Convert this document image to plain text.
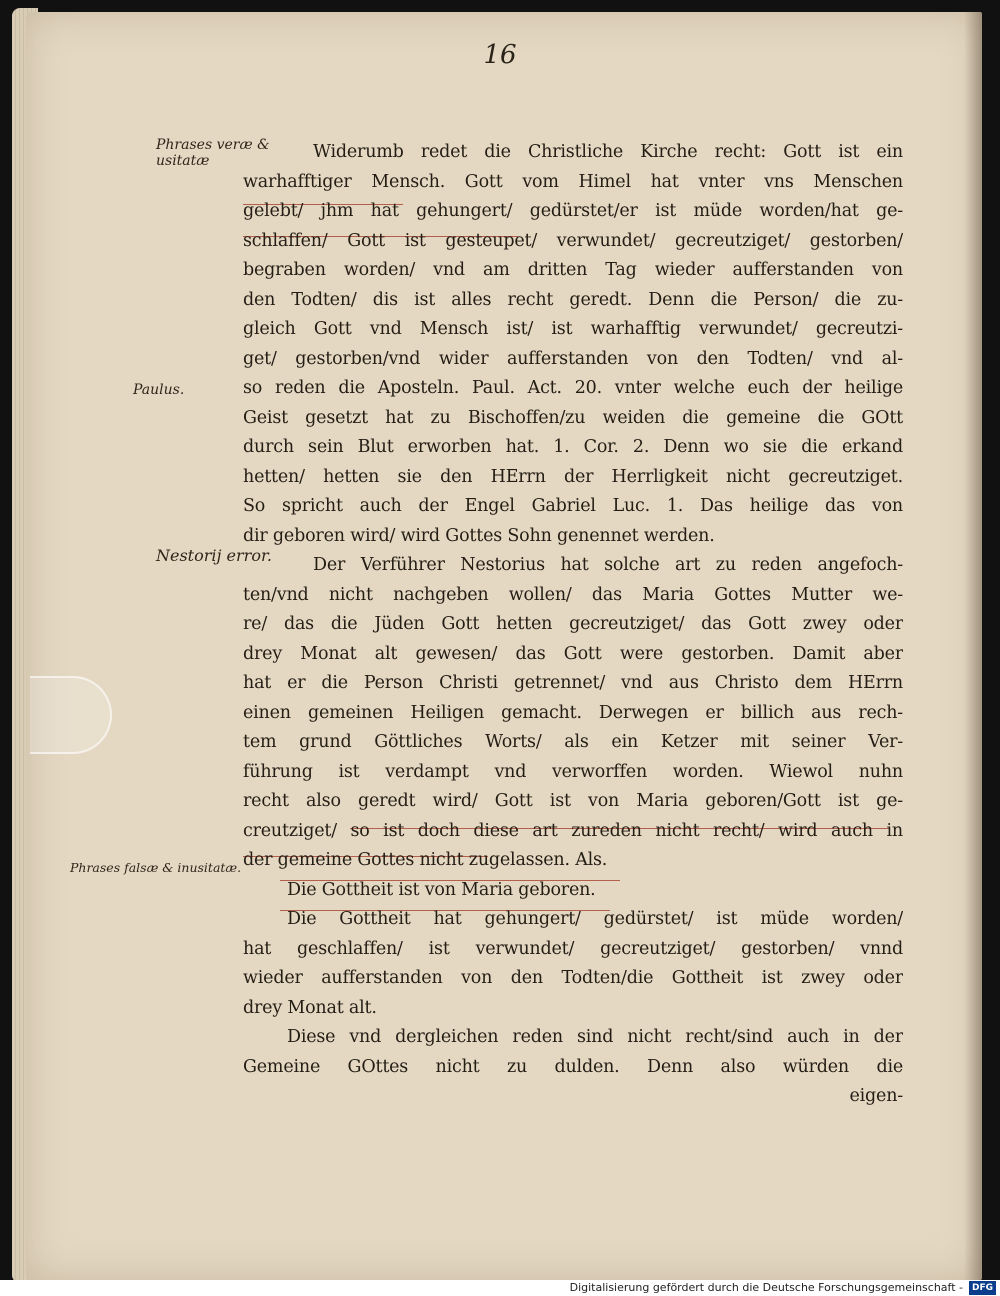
16
Phrases veræ & usitatæ
Paulus.
Nestorij error.
Phrases falsæ & inusitatæ.
Widerumb redet die Christliche Kirche recht: Gott ist ein
warhafftiger Mensch. Gott vom Himel hat vnter vns Menschen
gelebt/ jhm hat gehungert/ gedürstet/er ist müde worden/hat ge-
schlaffen/ Gott ist gesteupet/ verwundet/ gecreutziget/ gestorben/
begraben worden/ vnd am dritten Tag wieder aufferstanden von
den Todten/ dis ist alles recht geredt. Denn die Person/ die zu-
gleich Gott vnd Mensch ist/ ist warhafftig verwundet/ gecreutzi-
get/ gestorben/vnd wider aufferstanden von den Todten/ vnd al-
so reden die Aposteln. Paul. Act. 20. vnter welche euch der heilige
Geist gesetzt hat zu Bischoffen/zu weiden die gemeine die GOtt
durch sein Blut erworben hat. 1. Cor. 2. Denn wo sie die erkand
hetten/ hetten sie den HErrn der Herrligkeit nicht gecreutziget.
So spricht auch der Engel Gabriel Luc. 1. Das heilige das von
dir geboren wird/ wird Gottes Sohn genennet werden.
Der Verführer Nestorius hat solche art zu reden angefoch-
ten/vnd nicht nachgeben wollen/ das Maria Gottes Mutter we-
re/ das die Jüden Gott hetten gecreutziget/ das Gott zwey oder
drey Monat alt gewesen/ das Gott were gestorben. Damit aber
hat er die Person Christi getrennet/ vnd aus Christo dem HErrn
einen gemeinen Heiligen gemacht. Derwegen er billich aus rech-
tem grund Göttliches Worts/ als ein Ketzer mit seiner Ver-
führung ist verdampt vnd verworffen worden. Wiewol nuhn
recht also geredt wird/ Gott ist von Maria geboren/Gott ist ge-
creutziget/ so ist doch diese art zureden nicht recht/ wird auch in
der gemeine Gottes nicht zugelassen. Als.
Die Gottheit ist von Maria geboren.
Die Gottheit hat gehungert/ gedürstet/ ist müde worden/
hat geschlaffen/ ist verwundet/ gecreutziget/ gestorben/ vnnd
wieder aufferstanden von den Todten/die Gottheit ist zwey oder
drey Monat alt.
Diese vnd dergleichen reden sind nicht recht/sind auch in der
Gemeine GOttes nicht zu dulden. Denn also würden die
eigen-
Digitalisierung gefördert durch die Deutsche Forschungsgemeinschaft - DFG
